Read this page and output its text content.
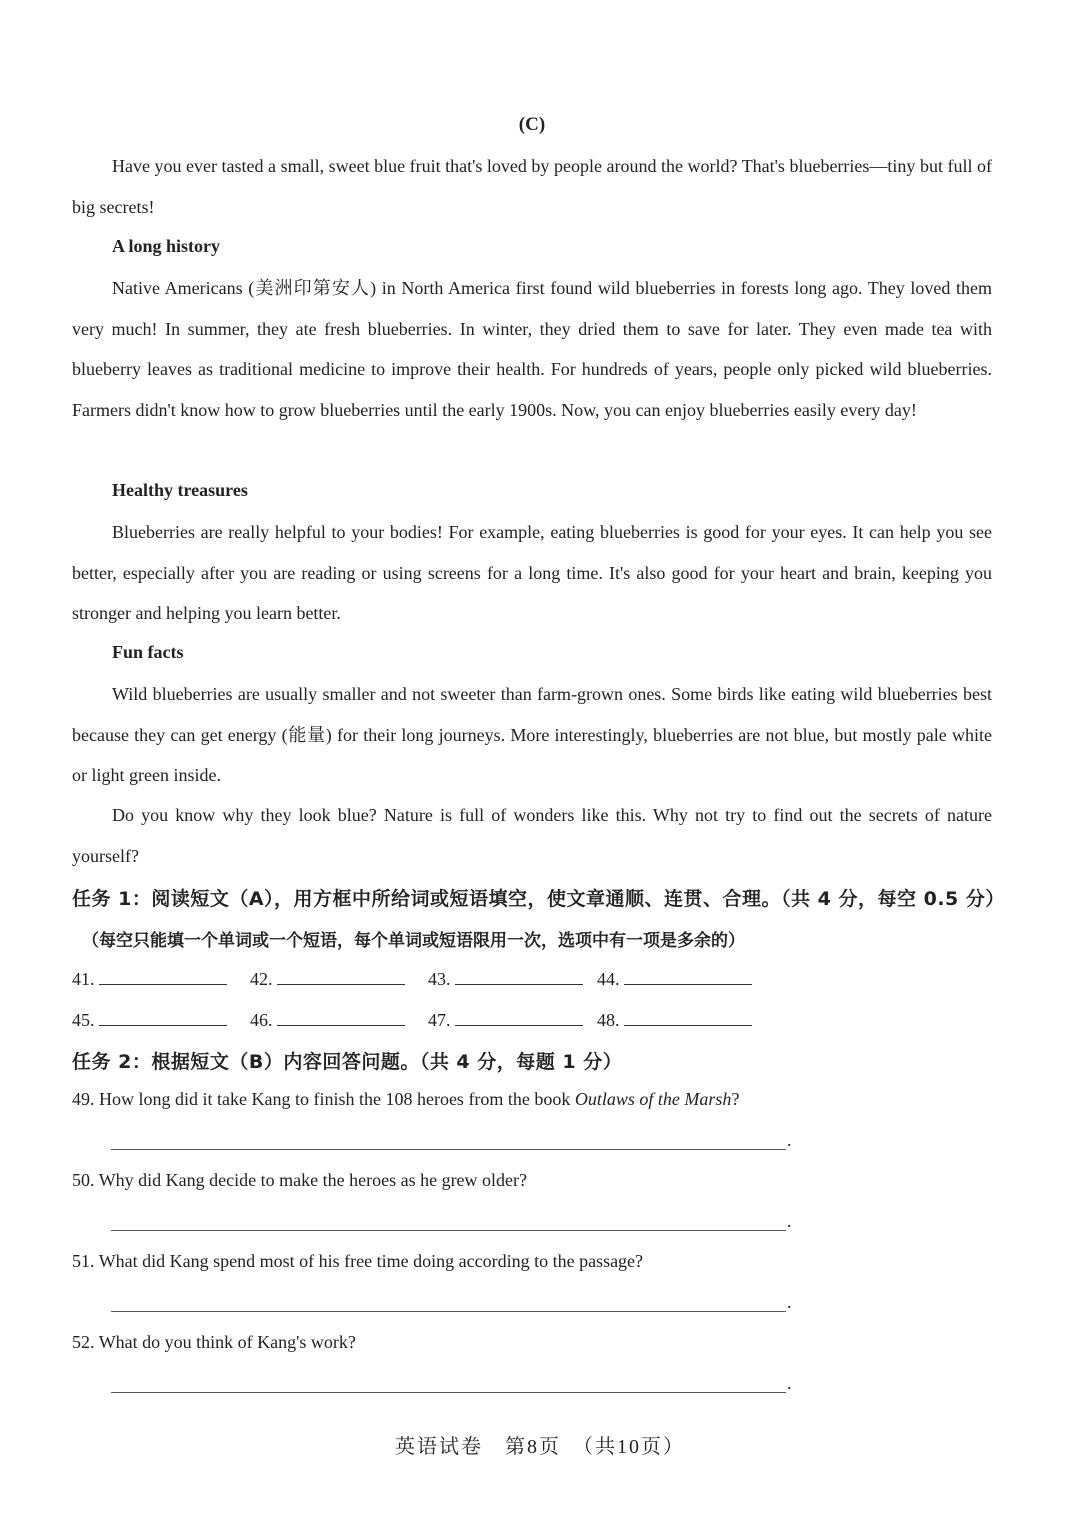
(C)
Have you ever tasted a small, sweet blue fruit that's loved by people around the world? That's blueberries—tiny but full of big secrets!
A long history
Native Americans (美洲印第安人) in North America first found wild blueberries in forests long ago. They loved them very much! In summer, they ate fresh blueberries. In winter, they dried them to save for later. They even made tea with blueberry leaves as traditional medicine to improve their health. For hundreds of years, people only picked wild blueberries. Farmers didn't know how to grow blueberries until the early 1900s. Now, you can enjoy blueberries easily every day!
Healthy treasures
Blueberries are really helpful to your bodies! For example, eating blueberries is good for your eyes. It can help you see better, especially after you are reading or using screens for a long time. It's also good for your heart and brain, keeping you stronger and helping you learn better.
Fun facts
Wild blueberries are usually smaller and not sweeter than farm-grown ones. Some birds like eating wild blueberries best because they can get energy (能量) for their long journeys. More interestingly, blueberries are not blue, but mostly pale white or light green inside.
Do you know why they look blue? Nature is full of wonders like this. Why not try to find out the secrets of nature yourself?
任务 1：阅读短文（A），用方框中所给词或短语填空，使文章通顺、连贯、合理。（共 4 分，每空 0.5 分）
（每空只能填一个单词或一个短语，每个单词或短语限用一次，选项中有一项是多余的）
41.	42.	43.	44.
45.	46.	47.	48.
任务 2：根据短文（B）内容回答问题。（共 4 分，每题 1 分）
49. How long did it take Kang to finish the 108 heroes from the book Outlaws of the Marsh?
.
50. Why did Kang decide to make the heroes as he grew older?
.
51. What did Kang spend most of his free time doing according to the passage?
.
52. What do you think of Kang's work?
.
英语试卷　第8页　（共10页）
